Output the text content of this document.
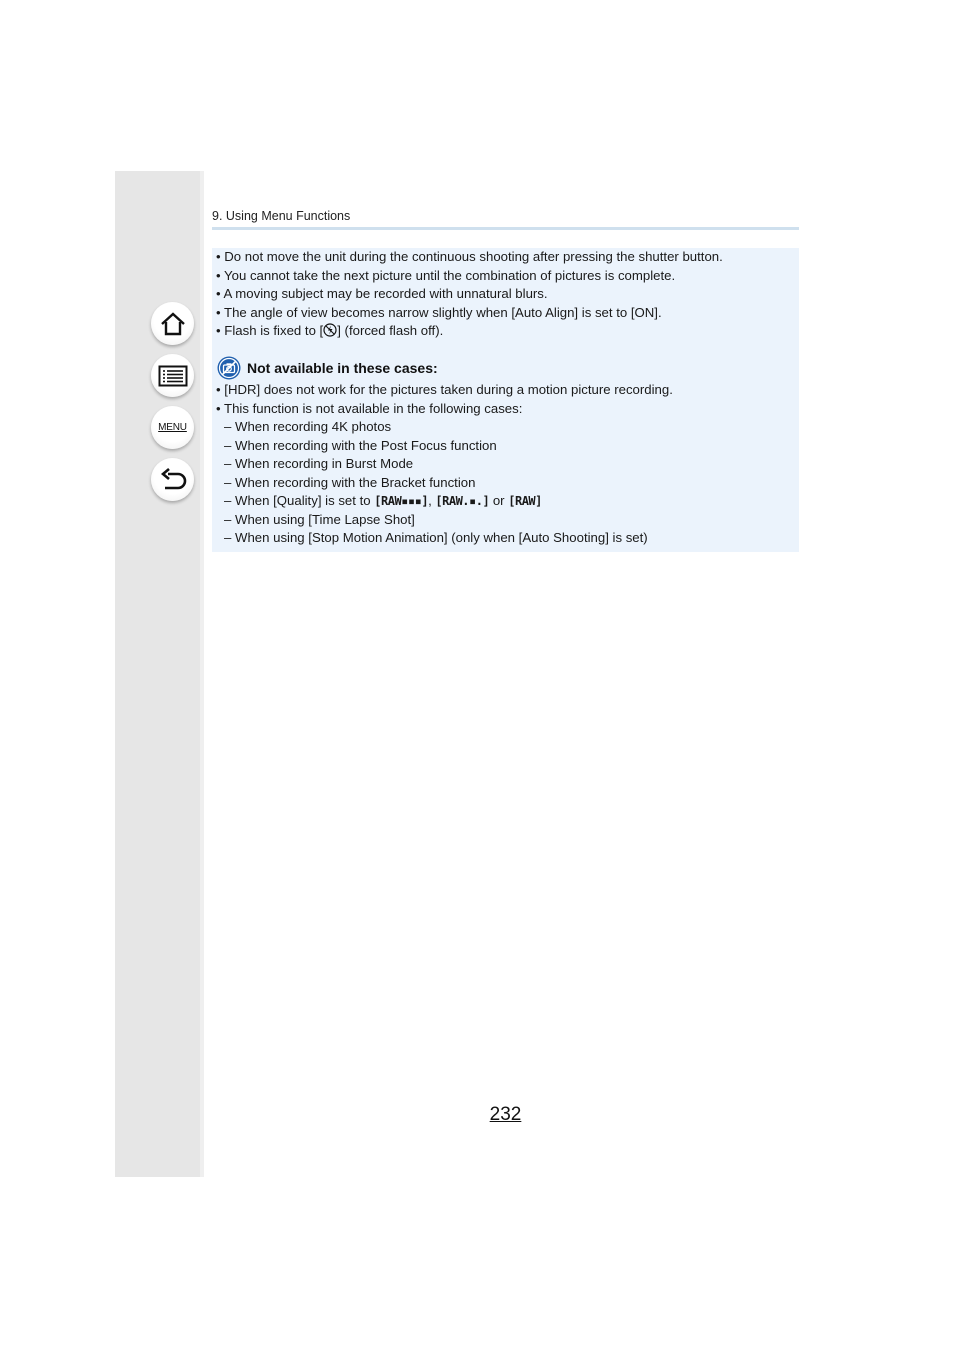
MENU
9. Using Menu Functions
• Do not move the unit during the continuous shooting after pressing the shutter button.
• You cannot take the next picture until the combination of pictures is complete.
• A moving subject may be recorded with unnatural blurs.
• The angle of view becomes narrow slightly when [Auto Align] is set to [ON].
• Flash is fixed to [ ] (forced flash off).
Not available in these cases:
• [HDR] does not work for the pictures taken during a motion picture recording.
• This function is not available in the following cases:
– When recording 4K photos
– When recording with the Post Focus function
– When recording in Burst Mode
– When recording with the Bracket function
– When [Quality] is set to [RAW▪▪▪], [RAW.▪.] or [RAW]
– When using [Time Lapse Shot]
– When using [Stop Motion Animation] (only when [Auto Shooting] is set)
232
